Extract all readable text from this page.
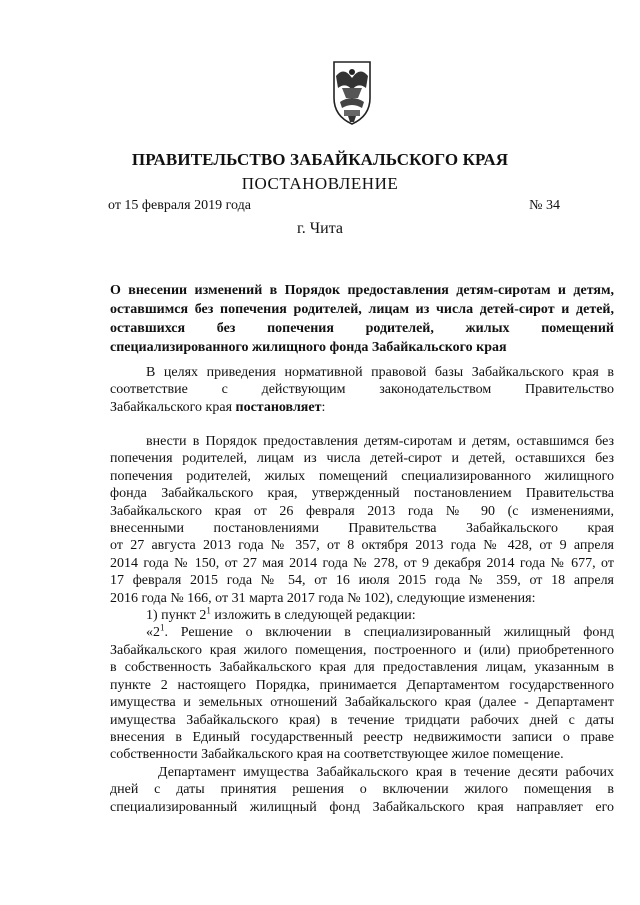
ПРАВИТЕЛЬСТВО ЗАБАЙКАЛЬСКОГО КРАЯ
ПОСТАНОВЛЕНИЕ
от 15 февраля 2019 года	№ 34
г. Чита
О внесении изменений в Порядок предоставления детям-сиротам и детям,
оставшимся без попечения родителей, лицам из числа детей-сирот и детей,
оставшихся без попечения родителей, жилых помещений
специализированного жилищного фонда Забайкальского края
В целях приведения нормативной правовой базы Забайкальского края в
соответствие с действующим законодательством Правительство
Забайкальского края постановляет:
внести в Порядок предоставления детям-сиротам и детям, оставшимся без
попечения родителей, лицам из числа детей-сирот и детей, оставшихся без
попечения родителей, жилых помещений специализированного жилищного
фонда Забайкальского края, утвержденный постановлением Правительства
Забайкальского края от 26 февраля 2013 года № 90 (с изменениями,
внесенными постановлениями Правительства Забайкальского края
от 27 августа 2013 года № 357, от 8 октября 2013 года № 428, от 9 апреля
2014 года № 150, от 27 мая 2014 года № 278, от 9 декабря 2014 года № 677, от
17 февраля 2015 года № 54, от 16 июля 2015 года № 359, от 18 апреля
2016 года № 166, от 31 марта 2017 года № 102), следующие изменения:
1) пункт $2^1$ изложить в следующей редакции:
«$2^1$. Решение о включении в специализированный жилищный фонд
Забайкальского края жилого помещения, построенного и (или) приобретенного
в собственность Забайкальского края для предоставления лицам, указанным в
пункте 2 настоящего Порядка, принимается Департаментом государственного
имущества и земельных отношений Забайкальского края (далее - Департамент
имущества Забайкальского края) в течение тридцати рабочих дней с даты
внесения в Единый государственный реестр недвижимости записи о праве
собственности Забайкальского края на соответствующее жилое помещение.
Департамент имущества Забайкальского края в течение десяти рабочих
дней с даты принятия решения о включении жилого помещения в
специализированный жилищный фонд Забайкальского края направляет его
